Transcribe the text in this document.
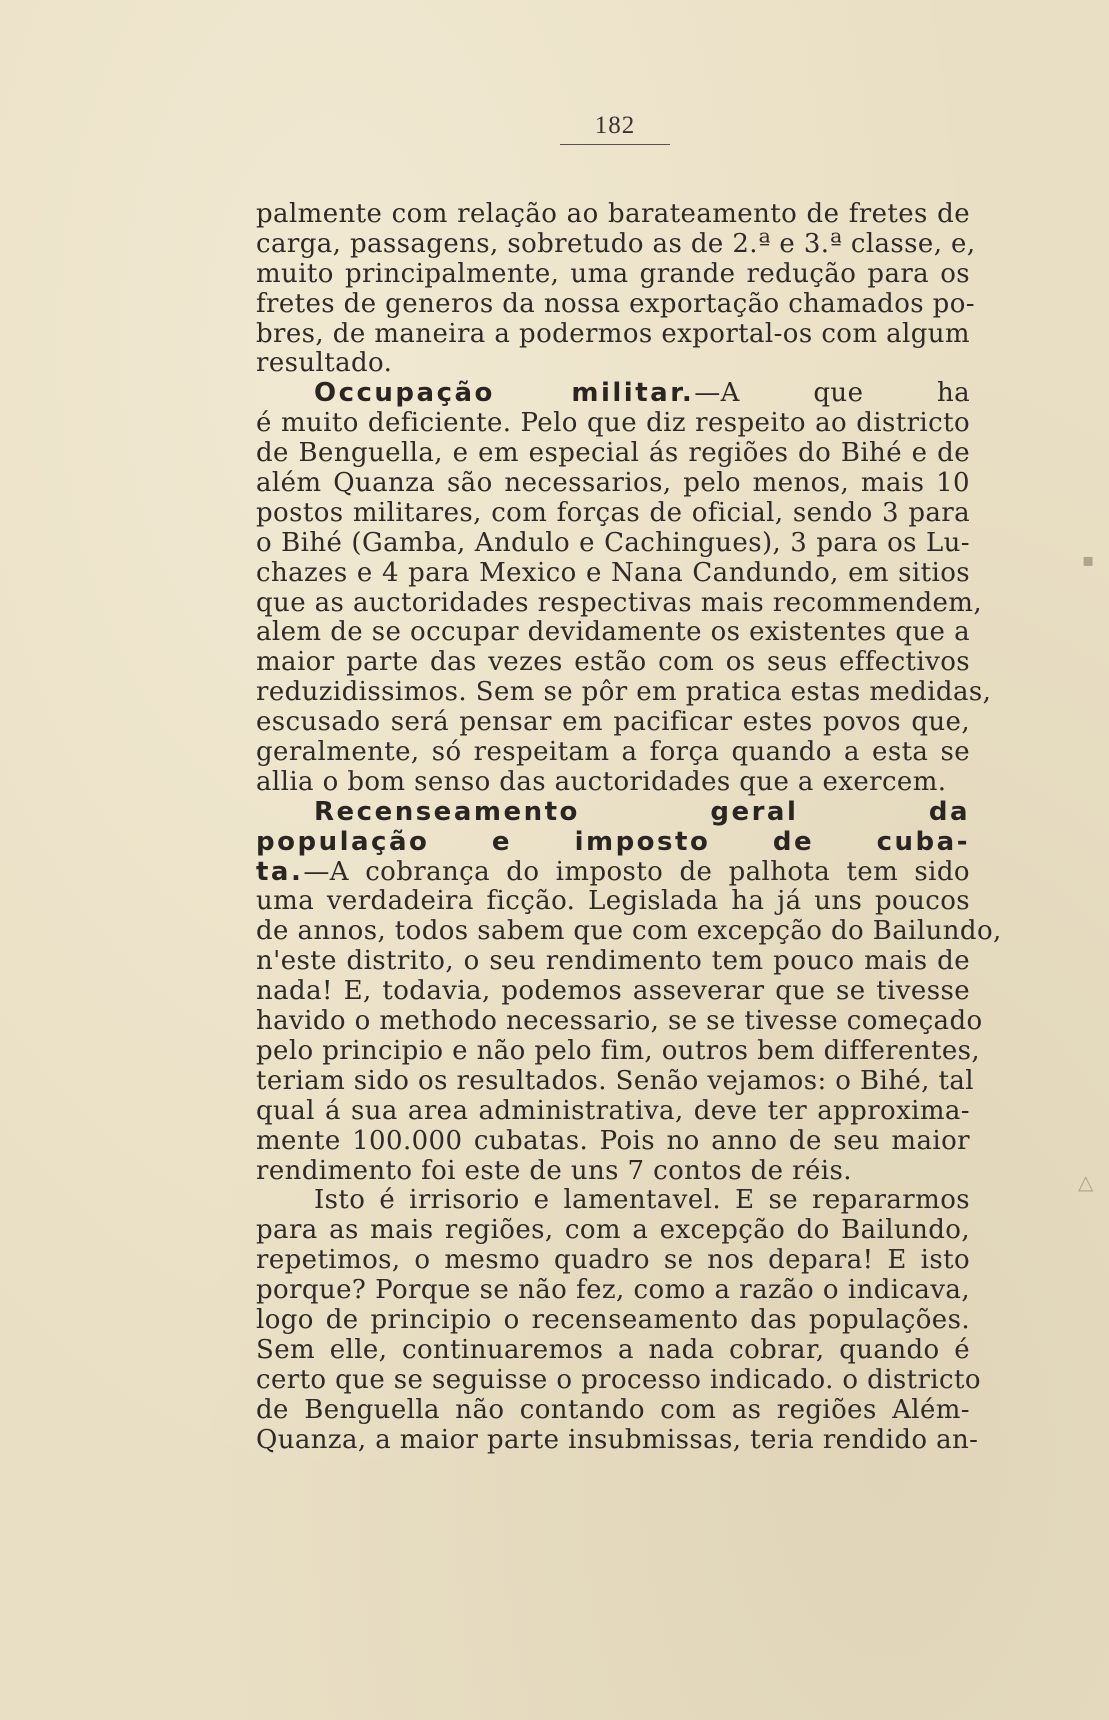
182
palmente com relação ao barateamento de fretes de
carga, passagens, sobretudo as de 2.ª e 3.ª classe, e,
muito principalmente, uma grande redução para os
fretes de generos da nossa exportação chamados po-
bres, de maneira a podermos exportal-os com algum
resultado.
Occupação militar.—A que ha
é muito deficiente. Pelo que diz respeito ao districto
de Benguella, e em especial ás regiões do Bihé e de
além Quanza são necessarios, pelo menos, mais 10
postos militares, com forças de oficial, sendo 3 para
o Bihé (Gamba, Andulo e Cachingues), 3 para os Lu-
chazes e 4 para Mexico e Nana Candundo, em sitios
que as auctoridades respectivas mais recommendem,
alem de se occupar devidamente os existentes que a
maior parte das vezes estão com os seus effectivos
reduzidissimos. Sem se pôr em pratica estas medidas,
escusado será pensar em pacificar estes povos que,
geralmente, só respeitam a força quando a esta se
allia o bom senso das auctoridades que a exercem.
Recenseamento geral da
população e imposto de cuba-
ta.—A cobrança do imposto de palhota tem sido
uma verdadeira ficção. Legislada ha já uns poucos
de annos, todos sabem que com excepção do Bailundo,
n'este distrito, o seu rendimento tem pouco mais de
nada! E, todavia, podemos asseverar que se tivesse
havido o methodo necessario, se se tivesse começado
pelo principio e não pelo fim, outros bem differentes,
teriam sido os resultados. Senão vejamos: o Bihé, tal
qual á sua area administrativa, deve ter approxima-
mente 100.000 cubatas. Pois no anno de seu maior
rendimento foi este de uns 7 contos de réis.
Isto é irrisorio e lamentavel. E se repararmos
para as mais regiões, com a excepção do Bailundo,
repetimos, o mesmo quadro se nos depara! E isto
porque? Porque se não fez, como a razão o indicava,
logo de principio o recenseamento das populações.
Sem elle, continuaremos a nada cobrar, quando é
certo que se seguisse o processo indicado. o districto
de Benguella não contando com as regiões Além-
Quanza, a maior parte insubmissas, teria rendido an-
▪
△
